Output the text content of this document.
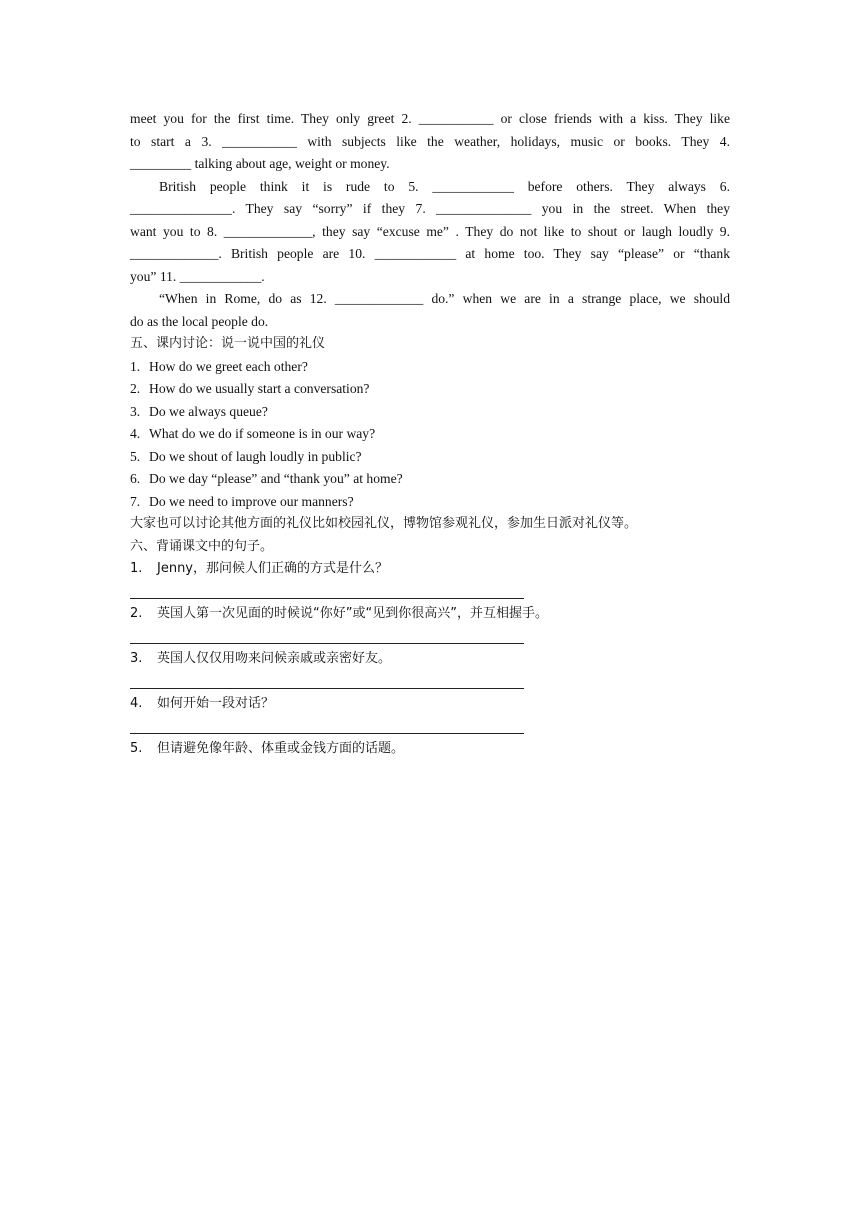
meet you for the first time. They only greet 2. ___________ or close friends with a kiss. They like
to start a 3. ___________ with subjects like the weather, holidays, music or books. They 4.
_________ talking about age, weight or money.
British people think it is rude to 5. ____________ before others. They always 6.
_______________. They say “sorry” if they 7. ______________ you in the street. When they
want you to 8. _____________, they say “excuse me” . They do not like to shout or laugh loudly 9.
_____________. British people are 10. ____________ at home too. They say “please” or “thank
you” 11. ____________.
“When in Rome, do as 12. _____________ do.” when we are in a strange place, we should
do as the local people do.
五、课内讨论：说一说中国的礼仪
1. How do we greet each other?
2. How do we usually start a conversation?
3. Do we always queue?
4. What do we do if someone is in our way?
5. Do we shout of laugh loudly in public?
6. Do we day “please” and “thank you” at home?
7. Do we need to improve our manners?
大家也可以讨论其他方面的礼仪比如校园礼仪，博物馆参观礼仪，参加生日派对礼仪等。
六、背诵课文中的句子。
1. Jenny，那问候人们正确的方式是什么？
2. 英国人第一次见面的时候说“你好”或“见到你很高兴”，并互相握手。
3. 英国人仅仅用吻来问候亲戚或亲密好友。
4. 如何开始一段对话？
5. 但请避免像年龄、体重或金钱方面的话题。
